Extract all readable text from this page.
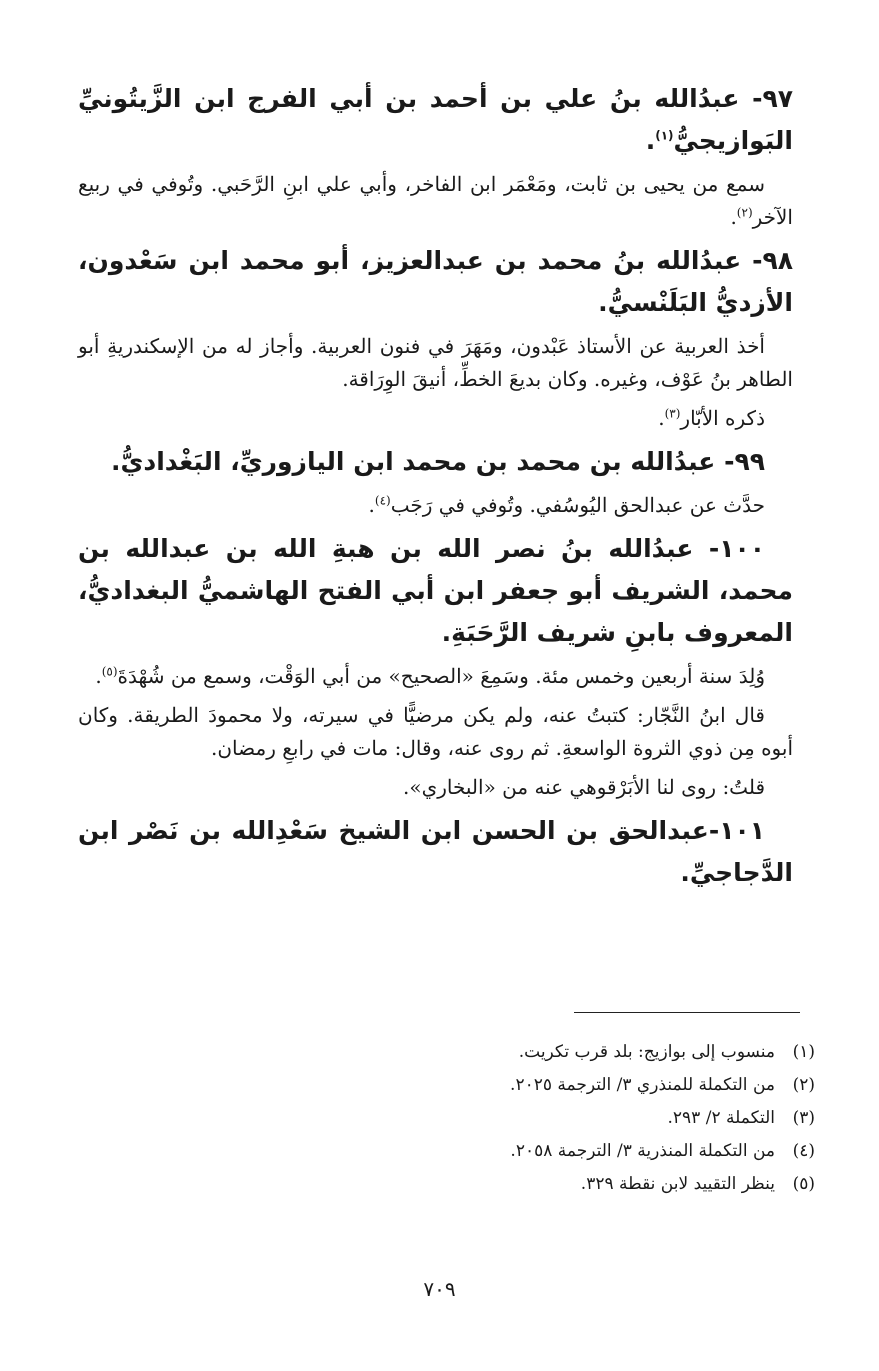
٩٧- عبدُالله بنُ علي بن أحمد بن أبي الفرج ابن الزَّيتُونيِّ البَوازيجيُّ$^{(١)}$.
سمع من يحيى بن ثابت، ومَعْمَر ابن الفاخر، وأبي علي ابنِ الرَّحَبي. وتُوفي في ربيع الآخر$^{(٢)}$.
٩٨- عبدُالله بنُ محمد بن عبدالعزيز، أبو محمد ابن سَعْدون، الأزديُّ البَلَنْسيُّ.
أخذ العربية عن الأستاذ عَبْدون، ومَهَرَ في فنون العربية. وأجاز له من الإسكندريةِ أبو الطاهر بنُ عَوْف، وغيره. وكان بديعَ الخطِّ، أنيقَ الوِرَاقة.
ذكره الأبّار$^{(٣)}$.
٩٩- عبدُالله بن محمد بن محمد ابن اليازوريِّ، البَغْداديُّ.
حدَّث عن عبدالحق اليُوسُفي. وتُوفي في رَجَب$^{(٤)}$.
١٠٠- عبدُالله بنُ نصر الله بن هبةِ الله بن عبدالله بن محمد، الشريف أبو جعفر ابن أبي الفتح الهاشميُّ البغداديُّ، المعروف بابنِ شريف الرَّحَبَةِ.
وُلِدَ سنة أربعين وخمس مئة. وسَمِعَ «الصحيح» من أبي الوَقْت، وسمع من شُهْدَةَ$^{(٥)}$.
قال ابنُ النَّجّار: كتبتُ عنه، ولم يكن مرضيًّا في سيرته، ولا محمودَ الطريقة. وكان أبوه مِن ذوي الثروة الواسعةِ. ثم روى عنه، وقال: مات في رابعِ رمضان.
قلتُ: روى لنا الأبَرْقوهي عنه من «البخاري».
١٠١-عبدالحق بن الحسن ابن الشيخ سَعْدِالله بن نَصْر ابن الدَّجاجيِّ.
(١)
منسوب إلى بوازيج: بلد قرب تكريت.
(٢)
من التكملة للمنذري ٣/ الترجمة ٢٠٢٥.
(٣)
التكملة ٢/ ٢٩٣.
(٤)
من التكملة المنذرية ٣/ الترجمة ٢٠٥٨.
(٥)
ينظر التقييد لابن نقطة ٣٢٩.
٧٠٩
